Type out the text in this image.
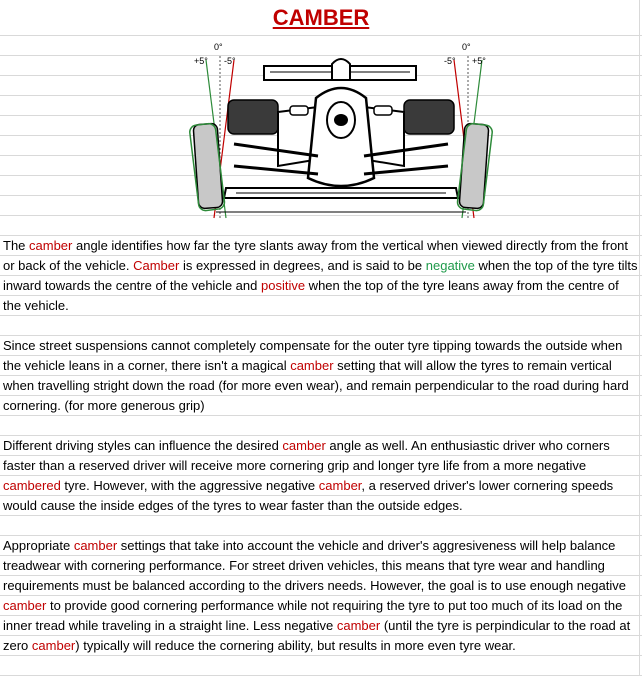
CAMBER
0°
+5° -5°
0°
-5° +5°

The camber angle identifies how far the tyre slants away from the vertical when viewed directly from the front or back of the vehicle. Camber is expressed in degrees, and is said to be negative when the top of the tyre tilts inward towards the centre of the vehicle and positive when the top of the tyre leans away from the centre of the vehicle.

Since street suspensions cannot completely compensate for the outer tyre tipping towards the outside when the vehicle leans in a corner, there isn't a magical camber setting that will allow the tyres to remain vertical when travelling stright down the road (for more even wear), and remain perpendicular to the road during hard cornering. (for more generous grip)

Different driving styles can influence the desired camber angle as well. An enthusiastic driver who corners faster than a reserved driver will receive more cornering grip and longer tyre life from a more negative cambered tyre. However, with the aggressive negative camber, a reserved driver's lower cornering speeds would cause the inside edges of the tyres to wear faster than the outside edges.

Appropriate camber settings that take into account the vehicle and driver's aggresiveness will help balance treadwear with cornering performance. For street driven vehicles, this means that tyre wear and handling requirements must be balanced according to the drivers needs. However, the goal is to use enough negative camber to provide good cornering performance while not requiring the tyre to put too much of its load on the inner tread while traveling in a straight line. Less negative camber (until the tyre is perpindicular to the road at zero camber) typically will reduce the cornering ability, but results in more even tyre wear.
